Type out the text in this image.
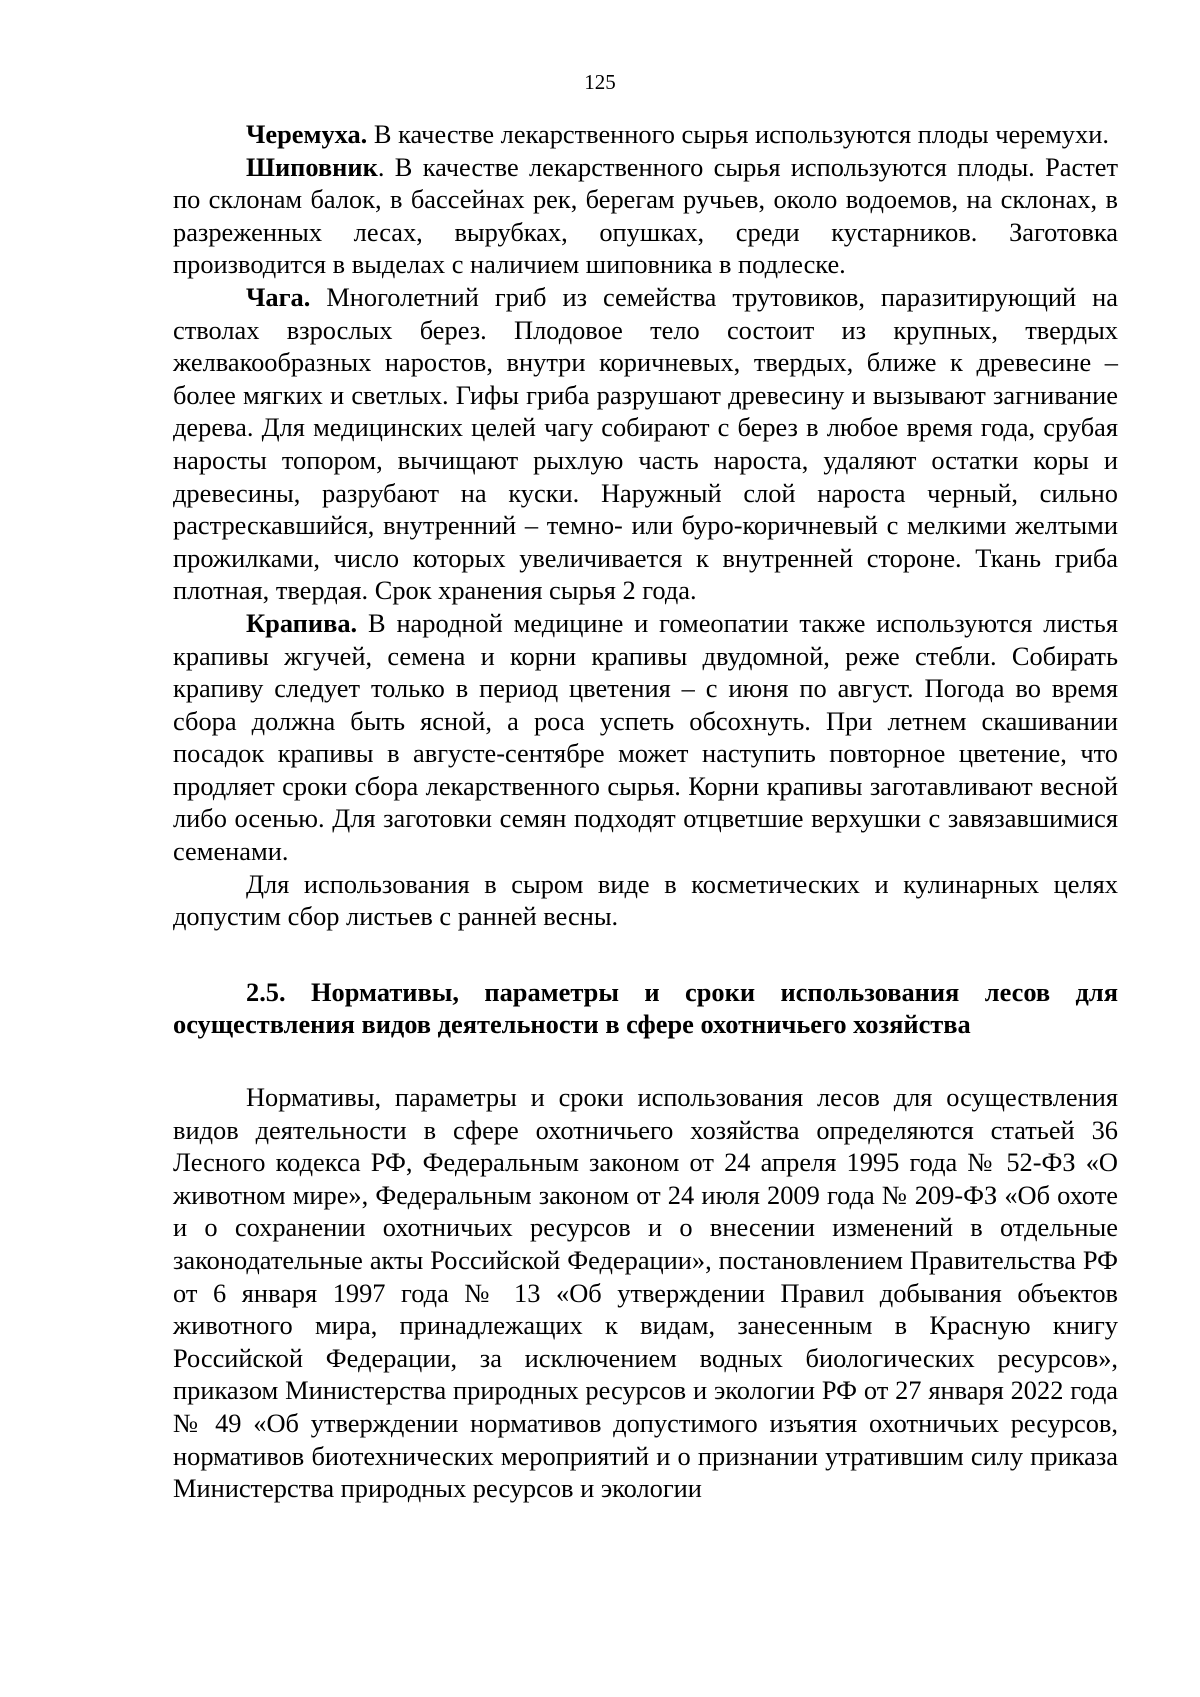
125

Черемуха. В качестве лекарственного сырья используются плоды черемухи.

Шиповник. В качестве лекарственного сырья используются плоды. Растет по склонам балок, в бассейнах рек, берегам ручьев, около водоемов, на склонах, в разреженных лесах, вырубках, опушках, среди кустарников. Заготовка производится в выделах с наличием шиповника в подлеске.

Чага. Многолетний гриб из семейства трутовиков, паразитирующий на стволах взрослых берез. Плодовое тело состоит из крупных, твердых желвакообразных наростов, внутри коричневых, твердых, ближе к древесине – более мягких и светлых. Гифы гриба разрушают древесину и вызывают загнивание дерева. Для медицинских целей чагу собирают с берез в любое время года, срубая наросты топором, вычищают рыхлую часть нароста, удаляют остатки коры и древесины, разрубают на куски. Наружный слой нароста черный, сильно растрескавшийся, внутренний – темно- или буро-коричневый с мелкими желтыми прожилками, число которых увеличивается к внутренней стороне. Ткань гриба плотная, твердая. Срок хранения сырья 2 года.

Крапива. В народной медицине и гомеопатии также используются листья крапивы жгучей, семена и корни крапивы двудомной, реже стебли. Собирать крапиву следует только в период цветения – с июня по август. Погода во время сбора должна быть ясной, а роса успеть обсохнуть. При летнем скашивании посадок крапивы в августе-сентябре может наступить повторное цветение, что продляет сроки сбора лекарственного сырья. Корни крапивы заготавливают весной либо осенью. Для заготовки семян подходят отцветшие верхушки с завязавшимися семенами.

Для использования в сыром виде в косметических и кулинарных целях допустим сбор листьев с ранней весны.

2.5. Нормативы, параметры и сроки использования лесов для осуществления видов деятельности в сфере охотничьего хозяйства

Нормативы, параметры и сроки использования лесов для осуществления видов деятельности в сфере охотничьего хозяйства определяются статьей 36 Лесного кодекса РФ, Федеральным законом от 24 апреля 1995 года № 52-ФЗ «О животном мире», Федеральным законом от 24 июля 2009 года № 209-ФЗ «Об охоте и о сохранении охотничьих ресурсов и о внесении изменений в отдельные законодательные акты Российской Федерации», постановлением Правительства РФ от 6 января 1997 года № 13 «Об утверждении Правил добывания объектов животного мира, принадлежащих к видам, занесенным в Красную книгу Российской Федерации, за исключением водных биологических ресурсов», приказом Министерства природных ресурсов и экологии РФ от 27 января 2022 года № 49 «Об утверждении нормативов допустимого изъятия охотничьих ресурсов, нормативов биотехнических мероприятий и о признании утратившим силу приказа Министерства природных ресурсов и экологии
